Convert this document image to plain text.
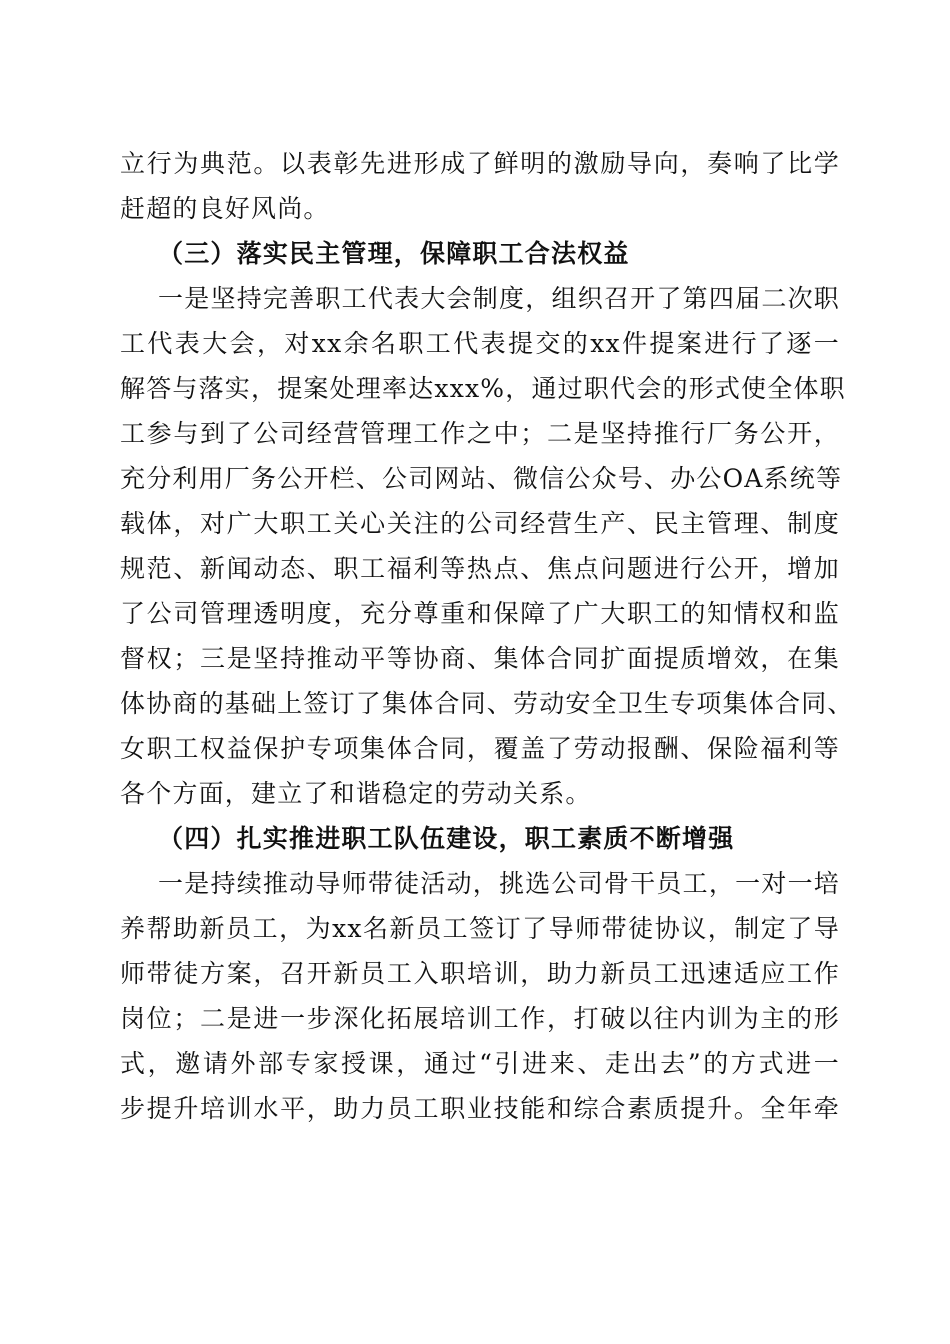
立行为典范。以表彰先进形成了鲜明的激励导向，奏响了比学
赶超的良好风尚。
（三）落实民主管理，保障职工合法权益
一是坚持完善职工代表大会制度，组织召开了第四届二次职
工代表大会，对xx余名职工代表提交的xx件提案进行了逐一
解答与落实，提案处理率达xxx%，通过职代会的形式使全体职
工参与到了公司经营管理工作之中；二是坚持推行厂务公开，
充分利用厂务公开栏、公司网站、微信公众号、办公OA系统等
载体，对广大职工关心关注的公司经营生产、民主管理、制度
规范、新闻动态、职工福利等热点、焦点问题进行公开，增加
了公司管理透明度，充分尊重和保障了广大职工的知情权和监
督权；三是坚持推动平等协商、集体合同扩面提质增效，在集
体协商的基础上签订了集体合同、劳动安全卫生专项集体合同、
女职工权益保护专项集体合同，覆盖了劳动报酬、保险福利等
各个方面，建立了和谐稳定的劳动关系。
（四）扎实推进职工队伍建设，职工素质不断增强
一是持续推动导师带徒活动，挑选公司骨干员工，一对一培
养帮助新员工，为xx名新员工签订了导师带徒协议，制定了导
师带徒方案，召开新员工入职培训，助力新员工迅速适应工作
岗位；二是进一步深化拓展培训工作，打破以往内训为主的形
式，邀请外部专家授课，通过“引进来、走出去”的方式进一
步提升培训水平，助力员工职业技能和综合素质提升。全年牵
